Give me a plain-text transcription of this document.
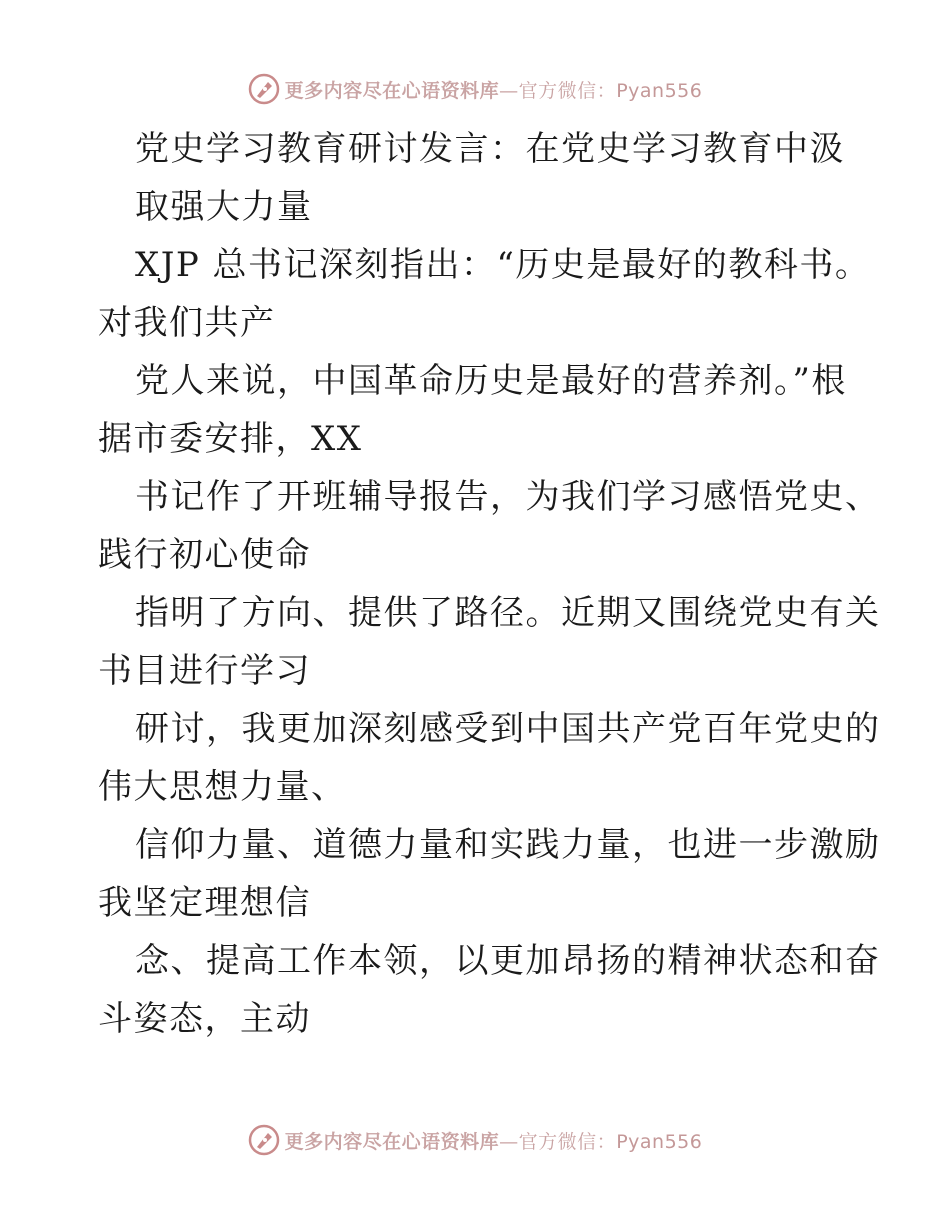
更多内容尽在心语资料库—官方微信：Pyan556
党史学习教育研讨发言：在党史学习教育中汲
取强大力量
XJP 总书记深刻指出：“历史是最好的教科书。
对我们共产
党人来说，中国革命历史是最好的营养剂。”根
据市委安排，XX
书记作了开班辅导报告，为我们学习感悟党史、
践行初心使命
指明了方向、提供了路径。近期又围绕党史有关
书目进行学习
研讨，我更加深刻感受到中国共产党百年党史的
伟大思想力量、
信仰力量、道德力量和实践力量，也进一步激励
我坚定理想信
念、提高工作本领，以更加昂扬的精神状态和奋
斗姿态，主动
更多内容尽在心语资料库—官方微信：Pyan556
